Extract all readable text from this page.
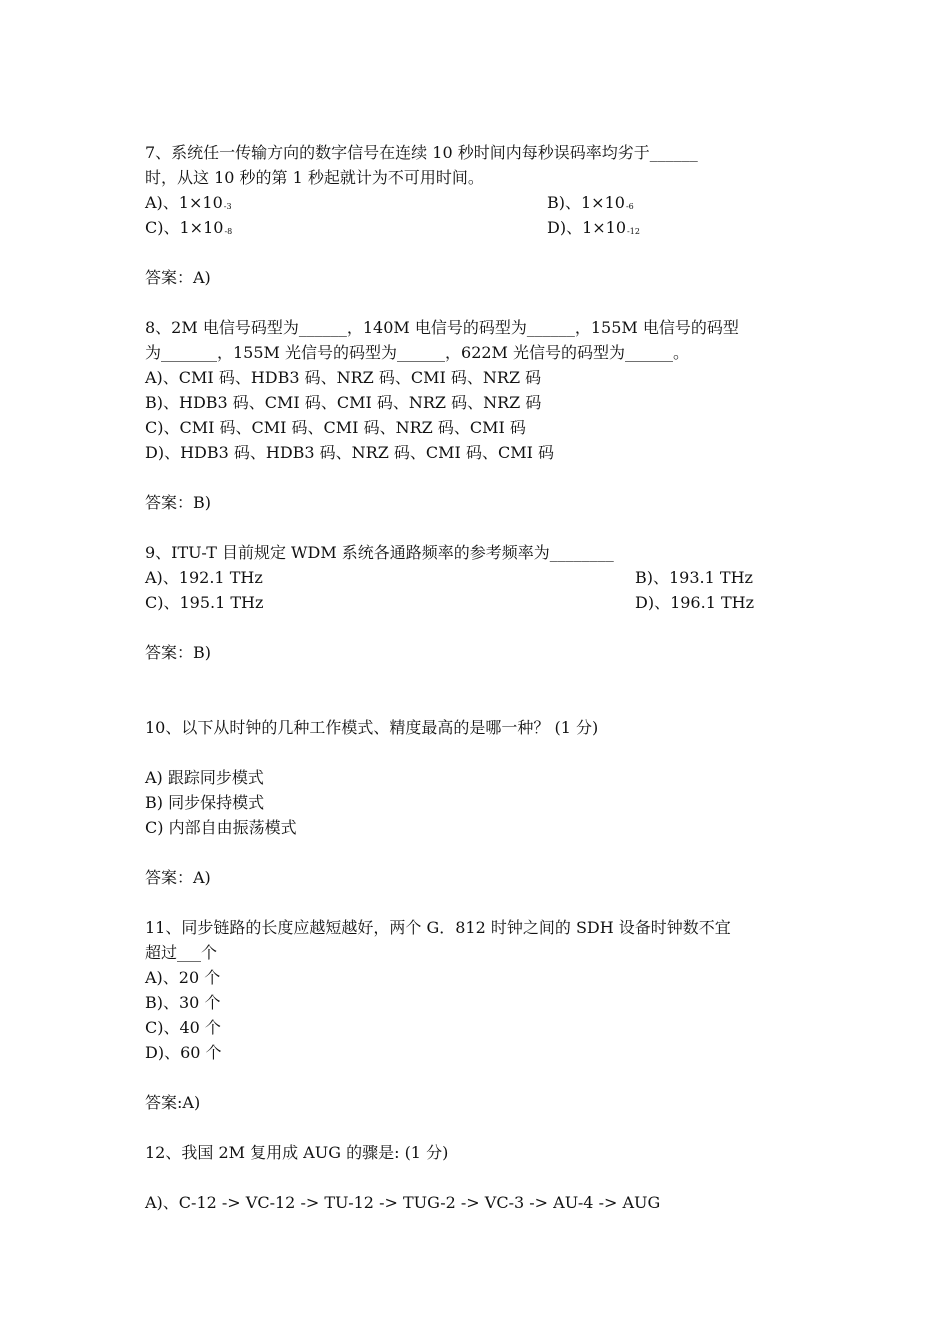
7、系统任一传输方向的数字信号在连续 10 秒时间内每秒误码率均劣于______
时，从这 10 秒的第 1 秒起就计为不可用时间。
A)、1×10-3	B)、1×10-6
C)、1×10-8	D)、1×10-12
答案：A)
8、2M 电信号码型为______，140M 电信号的码型为______，155M 电信号的码型
为_______，155M 光信号的码型为______，622M 光信号的码型为______。
A)、CMI 码、HDB3 码、NRZ 码、CMI 码、NRZ 码
B)、HDB3 码、CMI 码、CMI 码、NRZ 码、NRZ 码
C)、CMI 码、CMI 码、CMI 码、NRZ 码、CMI 码
D)、HDB3 码、HDB3 码、NRZ 码、CMI 码、CMI 码
答案：B)
9、ITU-T 目前规定 WDM 系统各通路频率的参考频率为________
A)、192.1 THz	B)、193.1 THz
C)、195.1 THz	D)、196.1 THz
答案：B)
10、以下从时钟的几种工作模式、精度最高的是哪一种？ (1 分)
A) 跟踪同步模式
B) 同步保持模式
C) 内部自由振荡模式
答案：A)
11、同步链路的长度应越短越好，两个 G．812 时钟之间的 SDH 设备时钟数不宜
超过___个
A)、20 个
B)、30 个
C)、40 个
D)、60 个
答案:A)
12、我国 2M 复用成 AUG 的骤是: (1 分)
A)、C-12 -> VC-12 -> TU-12 -> TUG-2 -> VC-3 -> AU-4 -> AUG
